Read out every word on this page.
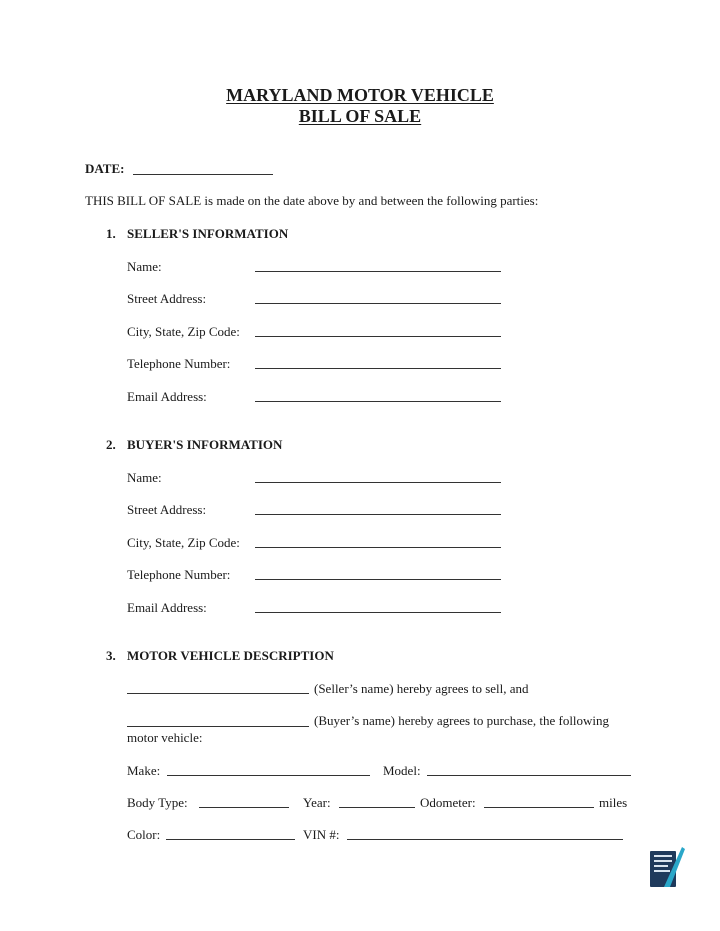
MARYLAND MOTOR VEHICLE
BILL OF SALE
DATE:
THIS BILL OF SALE is made on the date above by and between the following parties:
1. SELLER'S INFORMATION
Name:
Street Address:
City, State, Zip Code:
Telephone Number:
Email Address:
2. BUYER'S INFORMATION
Name:
Street Address:
City, State, Zip Code:
Telephone Number:
Email Address:
3. MOTOR VEHICLE DESCRIPTION
(Seller’s name) hereby agrees to sell, and
(Buyer’s name) hereby agrees to purchase, the following
motor vehicle:
Make:	Model:
Body Type:	Year:	Odometer:	miles
Color:	VIN #:
